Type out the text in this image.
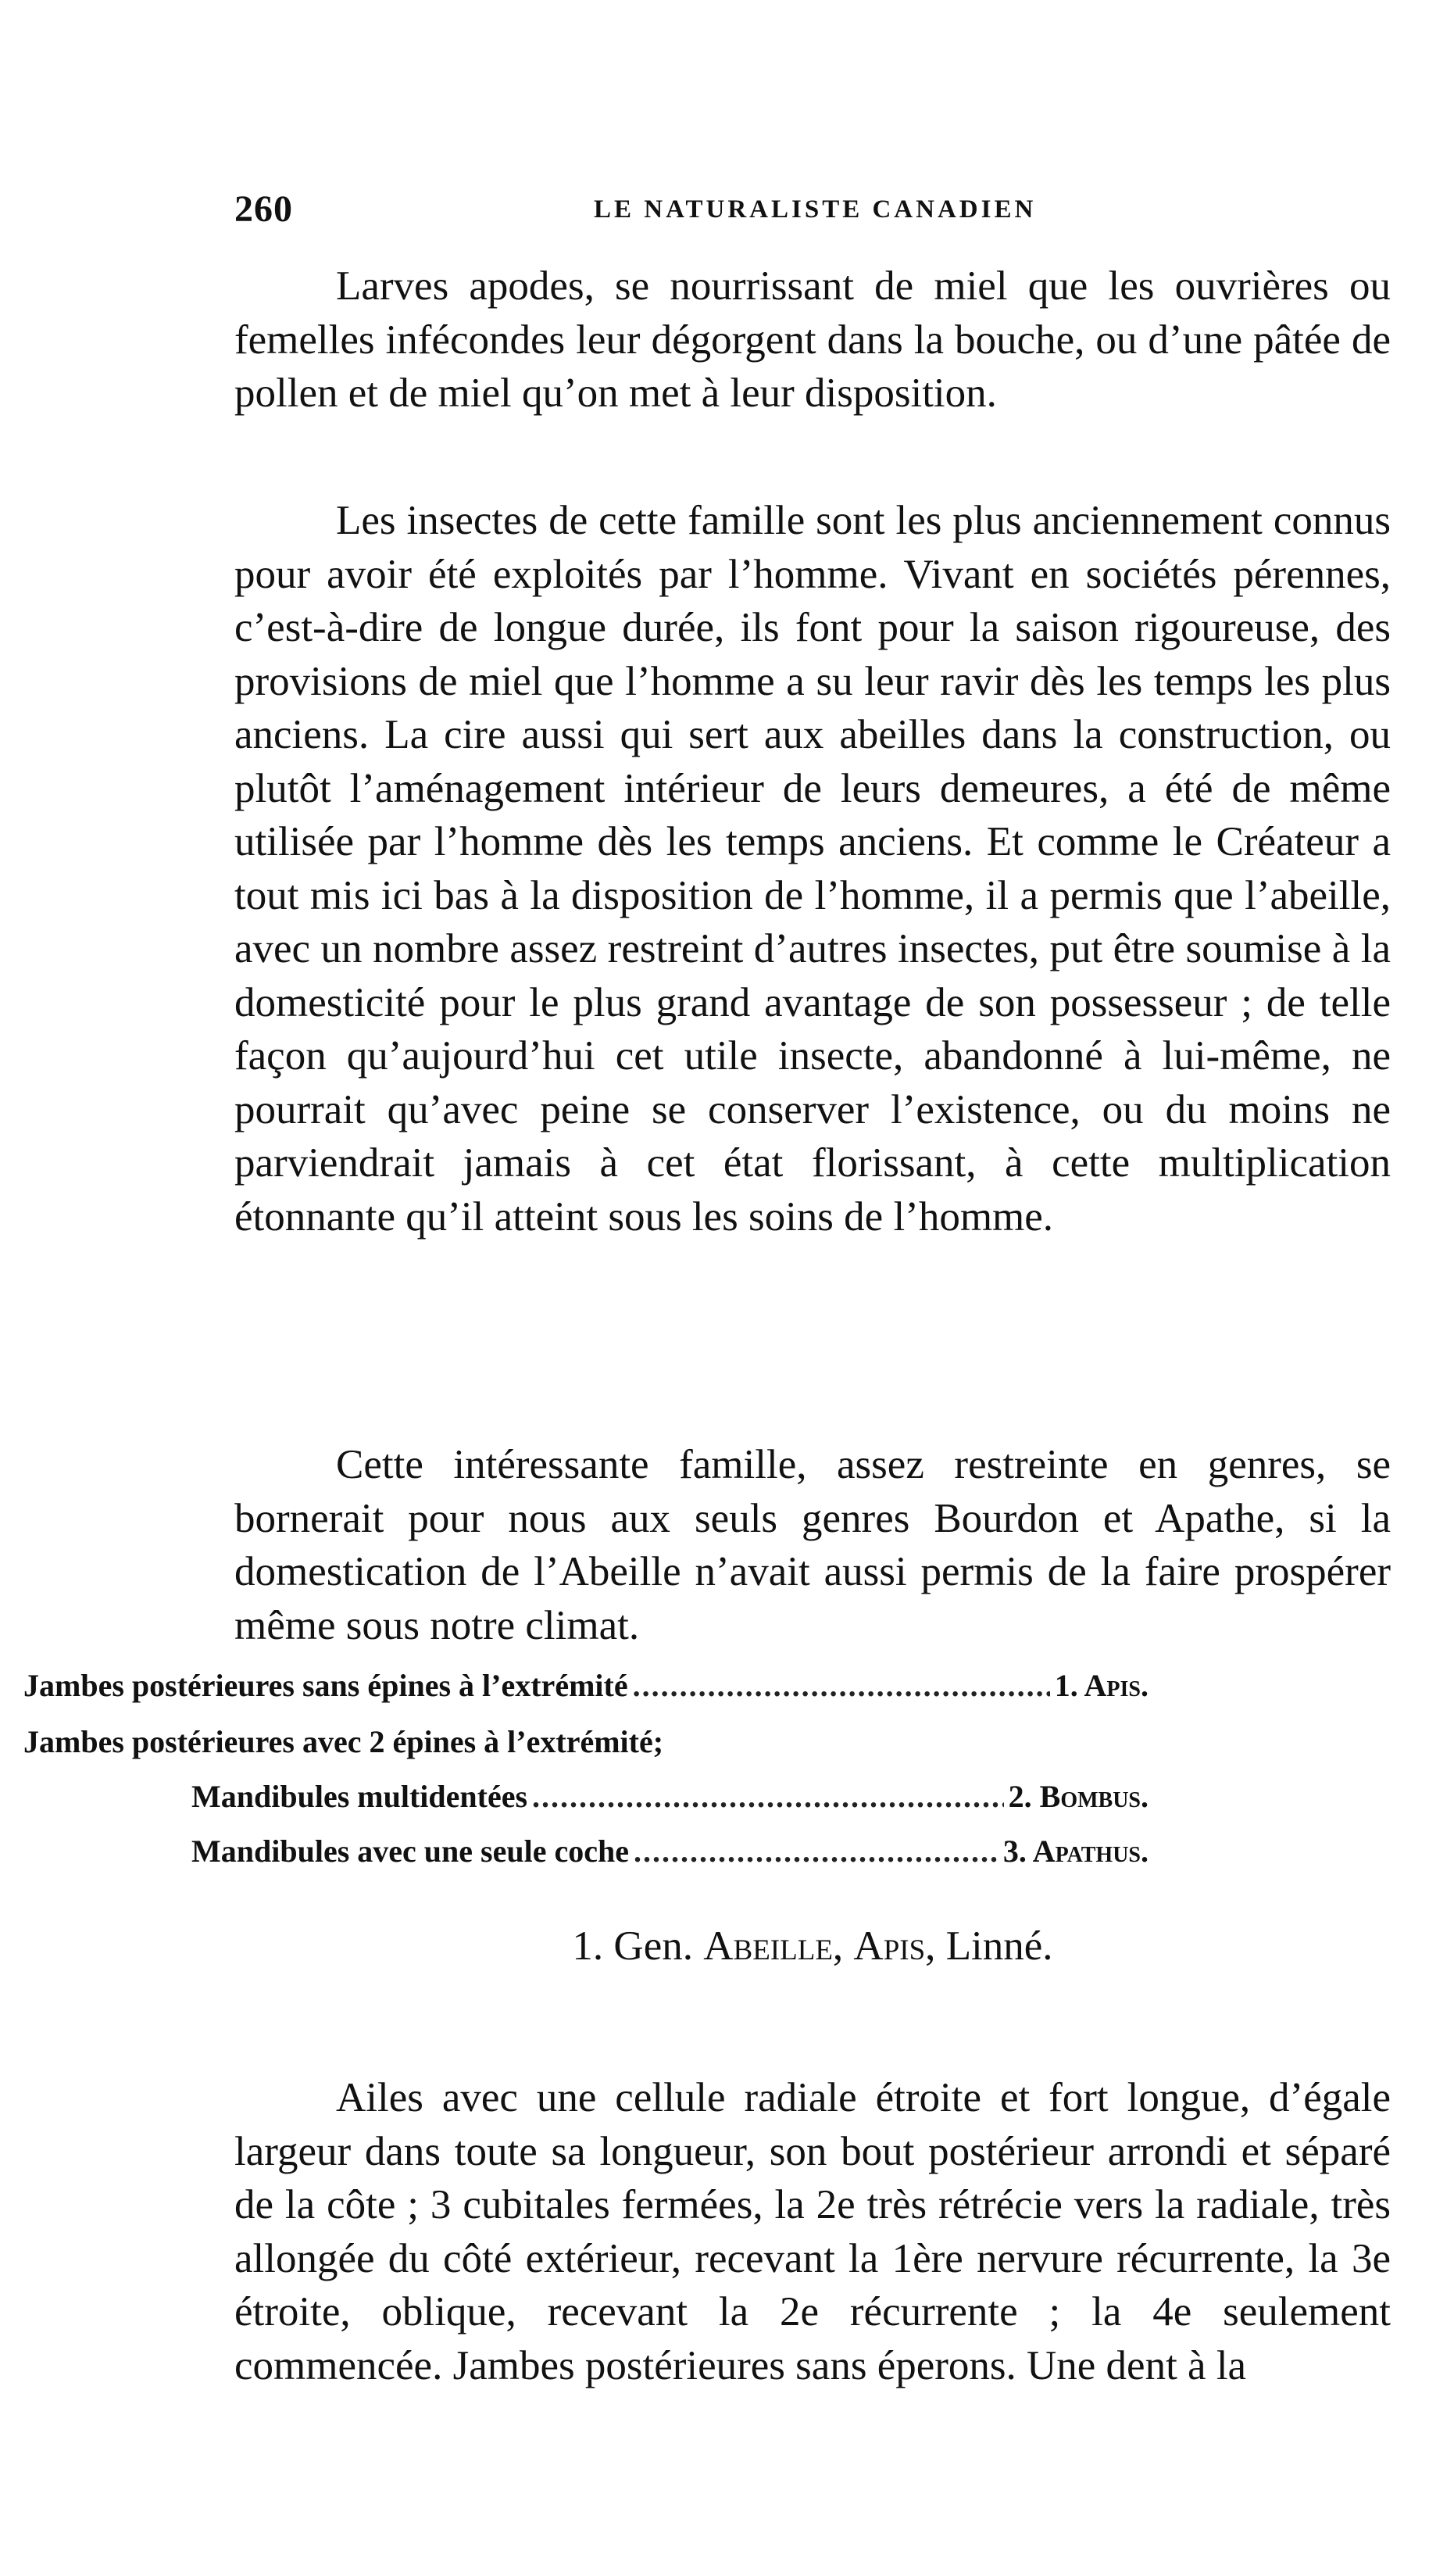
260	LE NATURALISTE CANADIEN

Larves apodes, se nourrissant de miel que les ouvrières ou femelles infécondes leur dégorgent dans la bouche, ou d’une pâtée de pollen et de miel qu’on met à leur disposition.

Les insectes de cette famille sont les plus anciennement connus pour avoir été exploités par l’homme. Vivant en sociétés pérennes, c’est-à-dire de longue durée, ils font pour la saison rigoureuse, des provisions de miel que l’homme a su leur ravir dès les temps les plus anciens. La cire aussi qui sert aux abeilles dans la construction, ou plutôt l’aménagement intérieur de leurs demeures, a été de même utilisée par l’homme dès les temps anciens. Et comme le Créateur a tout mis ici bas à la disposition de l’homme, il a permis que l’abeille, avec un nombre assez restreint d’autres insectes, put être soumise à la domesticité pour le plus grand avantage de son possesseur ; de telle façon qu’aujourd’hui cet utile insecte, abandonné à lui-même, ne pourrait qu’avec peine se conserver l’existence, ou du moins ne parviendrait jamais à cet état florissant, à cette multiplication étonnante qu’il atteint sous les soins de l’homme.

Cette intéressante famille, assez restreinte en genres, se bornerait pour nous aux seuls genres Bourdon et Apathe, si la domestication de l’Abeille n’avait aussi permis de la faire prospérer même sous notre climat.

Jambes postérieures sans épines à l’extrémité . . .	1. Apis.
Jambes postérieures avec 2 épines à l’extrémité;
Mandibules multidentées . . .	2. Bombus.
Mandibules avec une seule coche . . .	3. Apathus.
1. Gen. Abeille, Apis, Linné.

Ailes avec une cellule radiale étroite et fort longue, d’égale largeur dans toute sa longueur, son bout postérieur arrondi et séparé de la côte ; 3 cubitales fermées, la 2e très rétrécie vers la radiale, très allongée du côté extérieur, recevant la 1ère nervure récurrente, la 3e étroite, oblique, recevant la 2e récurrente ; la 4e seulement commencée. Jambes postérieures sans éperons. Une dent à la
